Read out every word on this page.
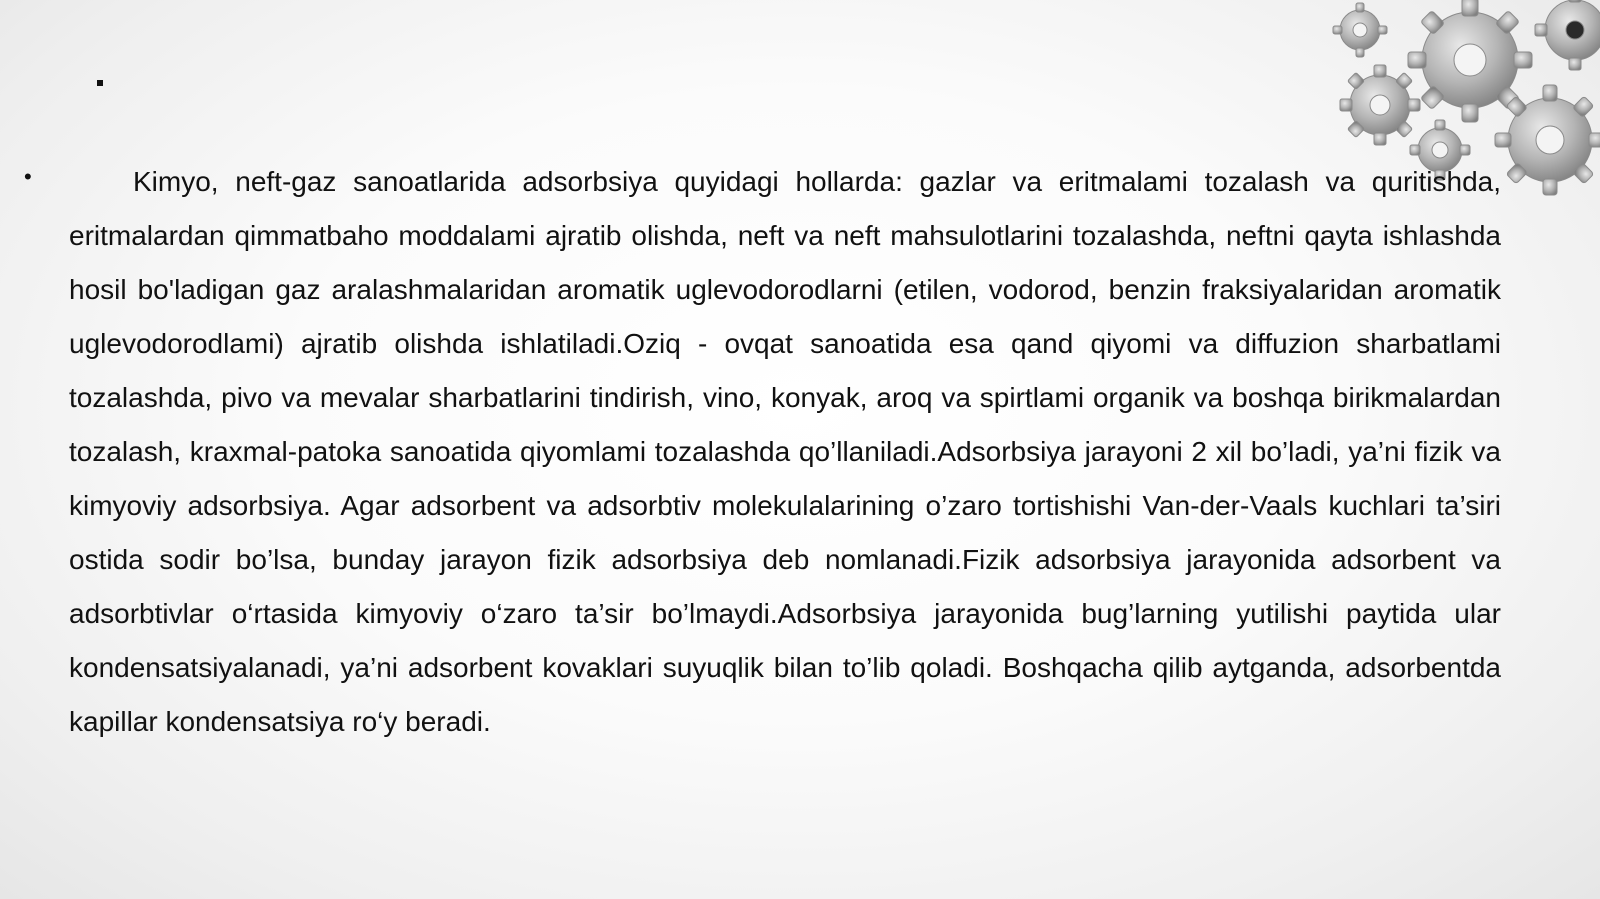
•	Kimyo, neft-gaz sanoatlarida adsorbsiya quyidagi hollarda: gazlar va eritmalami tozalash va quritishda, eritmalardan qimmatbaho moddalami ajratib olishda, neft va neft mahsulotlarini tozalashda, neftni qayta ishlashda hosil bo'ladigan gaz aralashmalaridan aromatik uglevodorodlarni (etilen, vodorod, benzin fraksiyalaridan aromatik uglevodorodlami) ajratib olishda ishlatiladi.Oziq - ovqat sanoatida esa qand qiyomi va diffuzion sharbatlami tozalashda, pivo va mevalar sharbatlarini tindirish, vino, konyak, aroq va spirtlami organik va boshqa birikmalardan tozalash, kraxmal-patoka sanoatida qiyomlami tozalashda qo’llaniladi.Adsorbsiya jarayoni 2 xil bo’ladi, ya’ni fizik va kimyoviy adsorbsiya. Agar adsorbent va adsorbtiv molekulalarining o’zaro tortishishi Van-der-Vaals kuchlari ta’siri ostida sodir bo’lsa, bunday jarayon fizik adsorbsiya deb nomlanadi.Fizik adsorbsiya jarayonida adsorbent va adsorbtivlar o‘rtasida kimyoviy o‘zaro ta’sir bo’lmaydi.Adsorbsiya jarayonida bug’larning yutilishi paytida ular kondensatsiyalanadi, ya’ni adsorbent kovaklari suyuqlik bilan to’lib qoladi. Boshqacha qilib aytganda, adsorbentda kapillar kondensatsiya ro‘y beradi.
